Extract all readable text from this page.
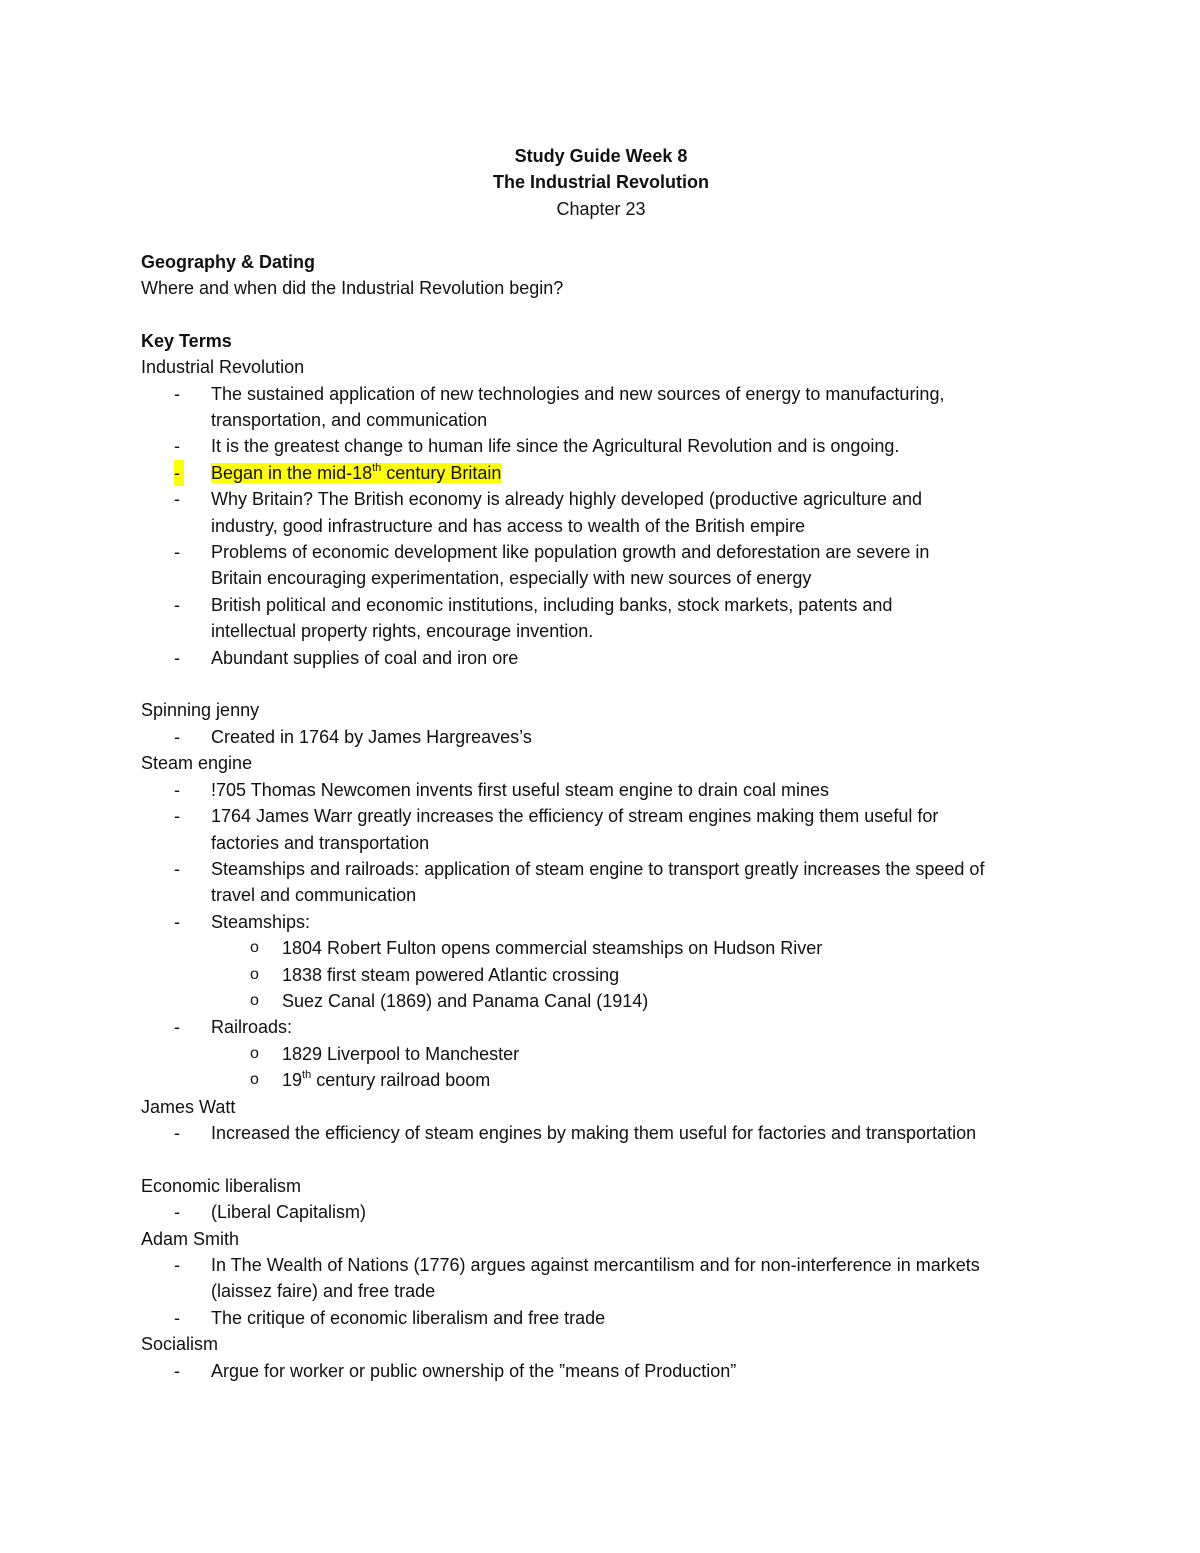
Study Guide Week 8
The Industrial Revolution
Chapter 23
Geography & Dating
Where and when did the Industrial Revolution begin?
Key Terms
Industrial Revolution
- The sustained application of new technologies and new sources of energy to manufacturing,
transportation, and communication
- It is the greatest change to human life since the Agricultural Revolution and is ongoing.
- Began in the mid-18th century Britain
- Why Britain? The British economy is already highly developed (productive agriculture and
industry, good infrastructure and has access to wealth of the British empire
- Problems of economic development like population growth and deforestation are severe in
Britain encouraging experimentation, especially with new sources of energy
- British political and economic institutions, including banks, stock markets, patents and
intellectual property rights, encourage invention.
- Abundant supplies of coal and iron ore
Spinning jenny
- Created in 1764 by James Hargreaves’s
Steam engine
- !705 Thomas Newcomen invents first useful steam engine to drain coal mines
- 1764 James Warr greatly increases the efficiency of stream engines making them useful for
factories and transportation
- Steamships and railroads: application of steam engine to transport greatly increases the speed of
travel and communication
- Steamships:
o 1804 Robert Fulton opens commercial steamships on Hudson River
o 1838 first steam powered Atlantic crossing
o Suez Canal (1869) and Panama Canal (1914)
- Railroads:
o 1829 Liverpool to Manchester
o 19th century railroad boom
James Watt
- Increased the efficiency of steam engines by making them useful for factories and transportation
Economic liberalism
- (Liberal Capitalism)
Adam Smith
- In The Wealth of Nations (1776) argues against mercantilism and for non-interference in markets
(laissez faire) and free trade
- The critique of economic liberalism and free trade
Socialism
- Argue for worker or public ownership of the ”means of Production”
